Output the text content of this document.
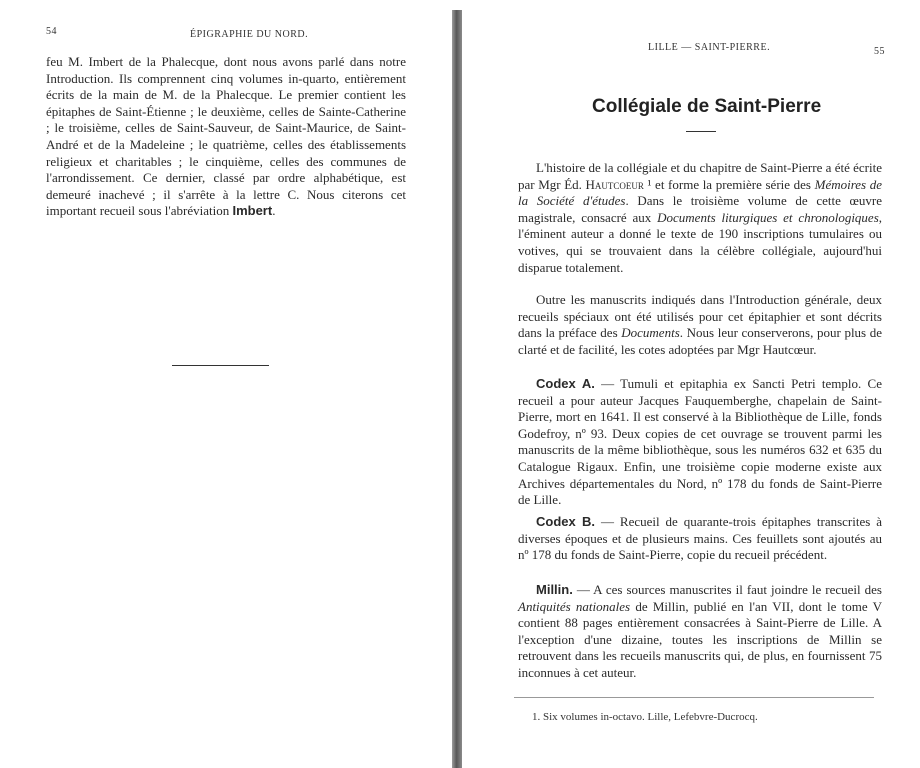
54	ÉPIGRAPHIE DU NORD.

feu M. Imbert de la Phalecque, dont nous avons parlé dans notre Introduction. Ils comprennent cinq volumes in-quarto, entièrement écrits de la main de M. de la Phalecque. Le premier contient les épitaphes de Saint-Étienne ; le deuxième, celles de Sainte-Catherine ; le troisième, celles de Saint-Sauveur, de Saint-Maurice, de Saint-André et de la Madeleine ; le quatrième, celles des établissements religieux et charitables ; le cinquième, celles des communes de l'arrondissement. Ce dernier, classé par ordre alphabétique, est demeuré inachevé ; il s'arrête à la lettre C. Nous citerons cet important recueil sous l'abréviation Imbert.

LILLE — SAINT-PIERRE.	55
Collégiale de Saint-Pierre

L'histoire de la collégiale et du chapitre de Saint-Pierre a été écrite par Mgr Éd. Hautcoeur ¹ et forme la première série des Mémoires de la Société d'études. Dans le troisième volume de cette œuvre magistrale, consacré aux Documents liturgiques et chronologiques, l'éminent auteur a donné le texte de 190 inscriptions tumulaires ou votives, qui se trouvaient dans la célèbre collégiale, aujourd'hui disparue totalement.

Outre les manuscrits indiqués dans l'Introduction générale, deux recueils spéciaux ont été utilisés pour cet épitaphier et sont décrits dans la préface des Documents. Nous leur conserverons, pour plus de clarté et de facilité, les cotes adoptées par Mgr Hautcœur.

Codex A. — Tumuli et epitaphia ex Sancti Petri templo. Ce recueil a pour auteur Jacques Fauquemberghe, chapelain de Saint-Pierre, mort en 1641. Il est conservé à la Bibliothèque de Lille, fonds Godefroy, nº 93. Deux copies de cet ouvrage se trouvent parmi les manuscrits de la même bibliothèque, sous les numéros 632 et 635 du Catalogue Rigaux. Enfin, une troisième copie moderne existe aux Archives départementales du Nord, nº 178 du fonds de Saint-Pierre de Lille.

Codex B. — Recueil de quarante-trois épitaphes transcrites à diverses époques et de plusieurs mains. Ces feuillets sont ajoutés au nº 178 du fonds de Saint-Pierre, copie du recueil précédent.

Millin. — A ces sources manuscrites il faut joindre le recueil des Antiquités nationales de Millin, publié en l'an VII, dont le tome V contient 88 pages entièrement consacrées à Saint-Pierre de Lille. A l'exception d'une dizaine, toutes les inscriptions de Millin se retrouvent dans les recueils manuscrits qui, de plus, en fournissent 75 inconnues à cet auteur.

1. Six volumes in-octavo. Lille, Lefebvre-Ducrocq.
